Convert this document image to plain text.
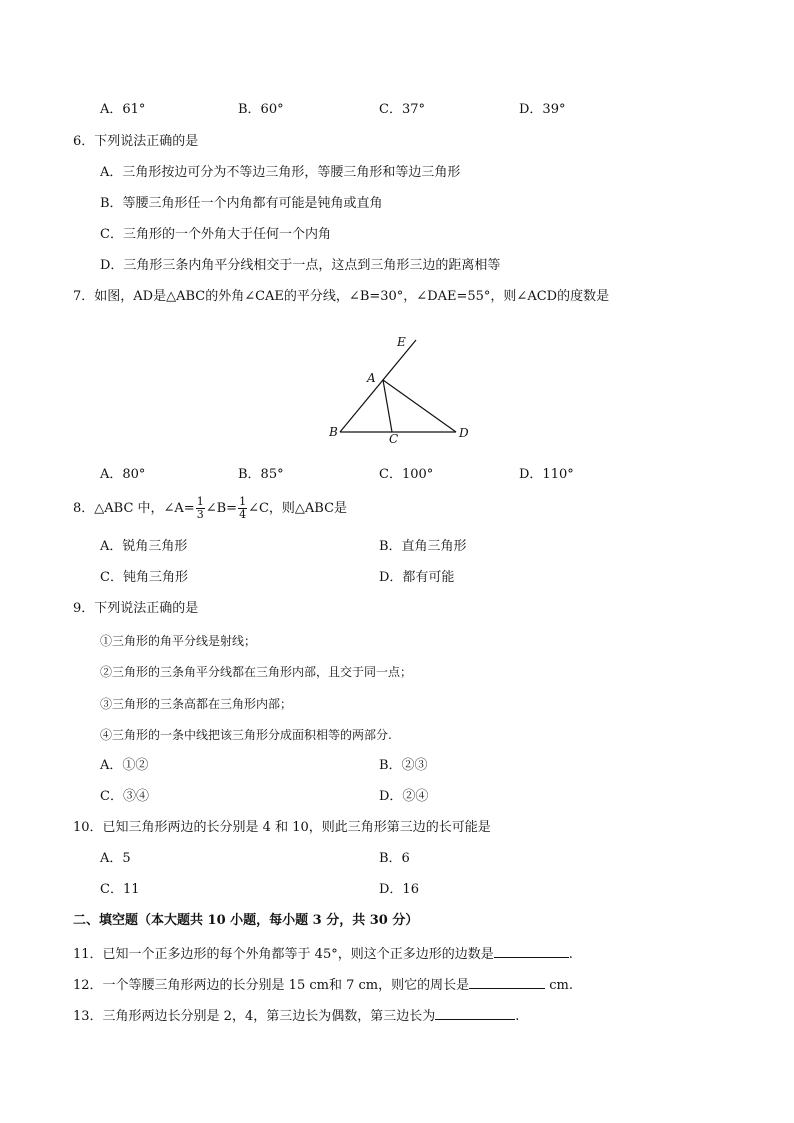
A．61°	B．60°	C．37°	D．39°
6．下列说法正确的是
A．三角形按边可分为不等边三角形，等腰三角形和等边三角形
B．等腰三角形任一个内角都有可能是钝角或直角
C．三角形的一个外角大于任何一个内角
D．三角形三条内角平分线相交于一点，这点到三角形三边的距离相等
7．如图，AD是△ABC的外角∠CAE的平分线，∠B=30°，∠DAE=55°，则∠ACD的度数是
E
A
B	C	D
A．80°	B．85°	C．100°	D．110°
8．△ABC 中，∠A= $\frac{1}{3}$ ∠B= $\frac{1}{4}$ ∠C，则△ABC是
A．锐角三角形	B．直角三角形
C．钝角三角形	D．都有可能
9．下列说法正确的是
①三角形的角平分线是射线；
②三角形的三条角平分线都在三角形内部，且交于同一点；
③三角形的三条高都在三角形内部；
④三角形的一条中线把该三角形分成面积相等的两部分.
A．①②	B．②③
C．③④	D．②④
10．已知三角形两边的长分别是 4 和 10，则此三角形第三边的长可能是
A．5	B．6
C．11	D．16
二、填空题（本大题共 10 小题，每小题 3 分，共 30 分）
11．已知一个正多边形的每个外角都等于 45°，则这个正多边形的边数是	.
12．一个等腰三角形两边的长分别是 15 cm和 7 cm，则它的周长是	cm.
13．三角形两边长分别是 2，4，第三边长为偶数，第三边长为	.
